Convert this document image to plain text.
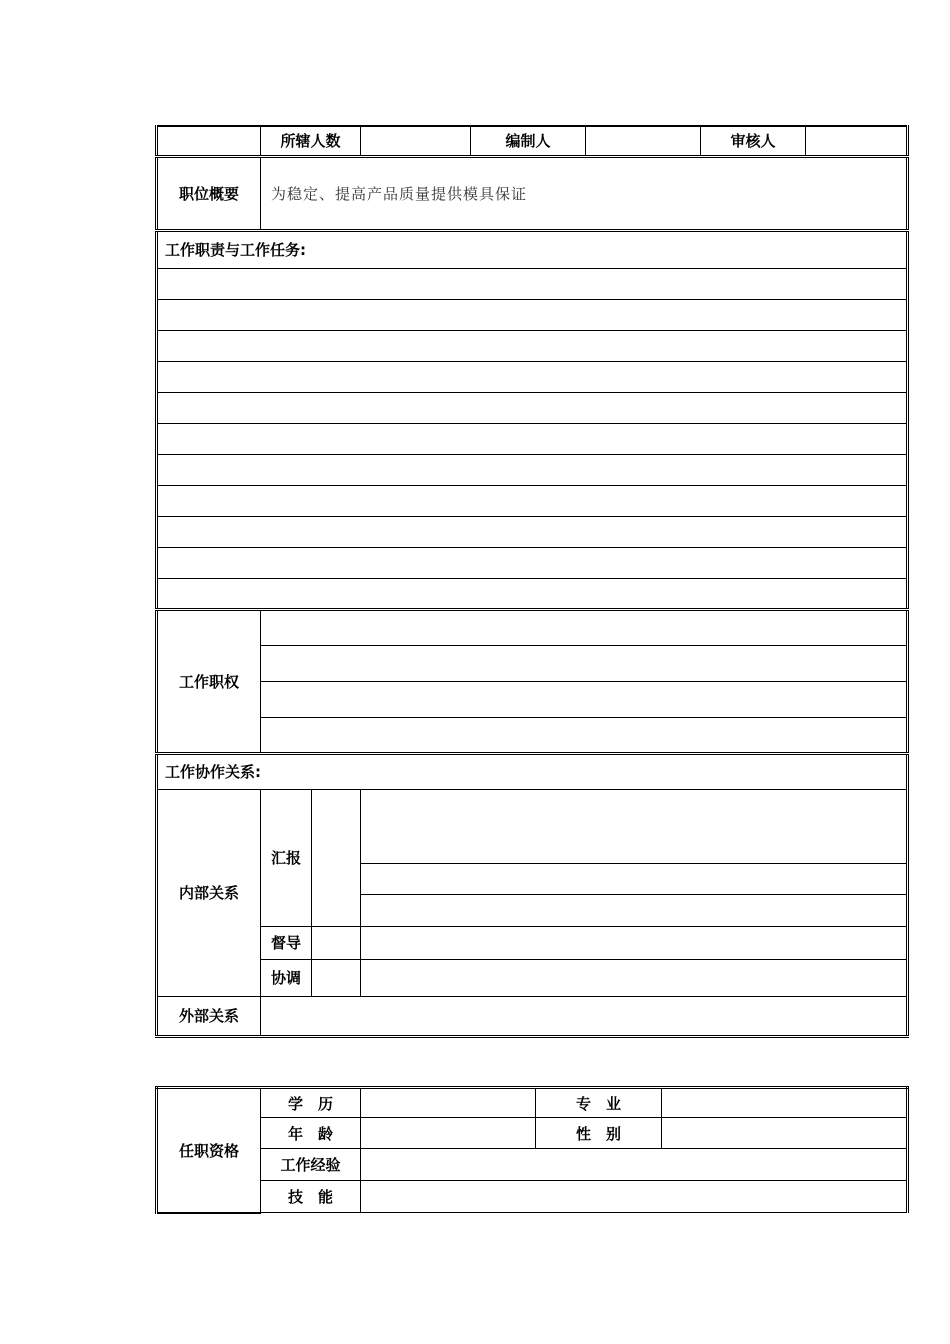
	所辖人数		编制人		审核人	
职位概要	为稳定、提高产品质量提供模具保证					
工作职责与工作任务:						

工作职权						

工作协作关系:						
内部关系	汇报					

督导					

协调					

外部关系						
任职资格	学　历		专　业	
	年　龄		性　别	
	工作经验			
	技　能			
